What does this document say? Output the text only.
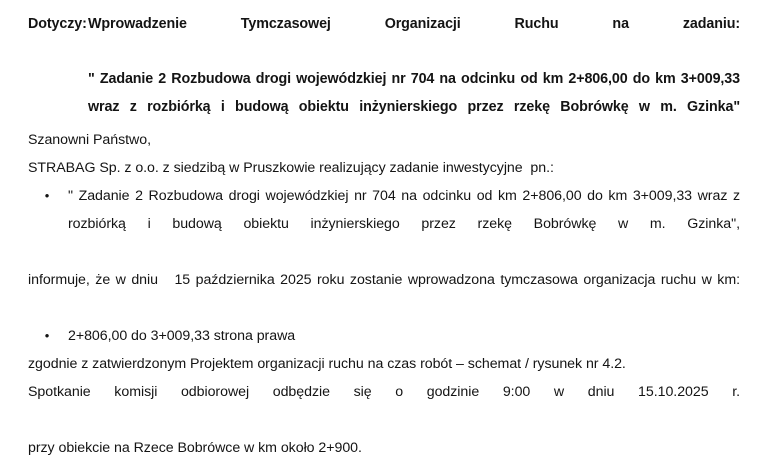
Dotyczy: Wprowadzenie Tymczasowej Organizacji Ruchu na zadaniu:
" Zadanie 2 Rozbudowa drogi wojewódzkiej nr 704 na odcinku od km 2+806,00 do km 3+009,33 wraz z rozbiórką i budową obiektu inżynierskiego przez rzekę Bobrówkę w m. Gzinka"

Szanowni Państwo,

STRABAG Sp. z o.o. z siedzibą w Pruszkowie realizujący zadanie inwestycyjne  pn.:

• " Zadanie 2 Rozbudowa drogi wojewódzkiej nr 704 na odcinku od km 2+806,00 do km 3+009,33 wraz z rozbiórką i budową obiektu inżynierskiego przez rzekę Bobrówkę w m. Gzinka",

informuje, że w dniu   15 października 2025 roku zostanie wprowadzona tymczasowa organizacja ruchu w km:

• 2+806,00 do 3+009,33 strona prawa

zgodnie z zatwierdzonym Projektem organizacji ruchu na czas robót – schemat / rysunek nr 4.2.

Spotkanie komisji odbiorowej odbędzie się o godzinie 9:00 w dniu 15.10.2025 r.

przy obiekcie na Rzece Bobrówce w km około 2+900.
